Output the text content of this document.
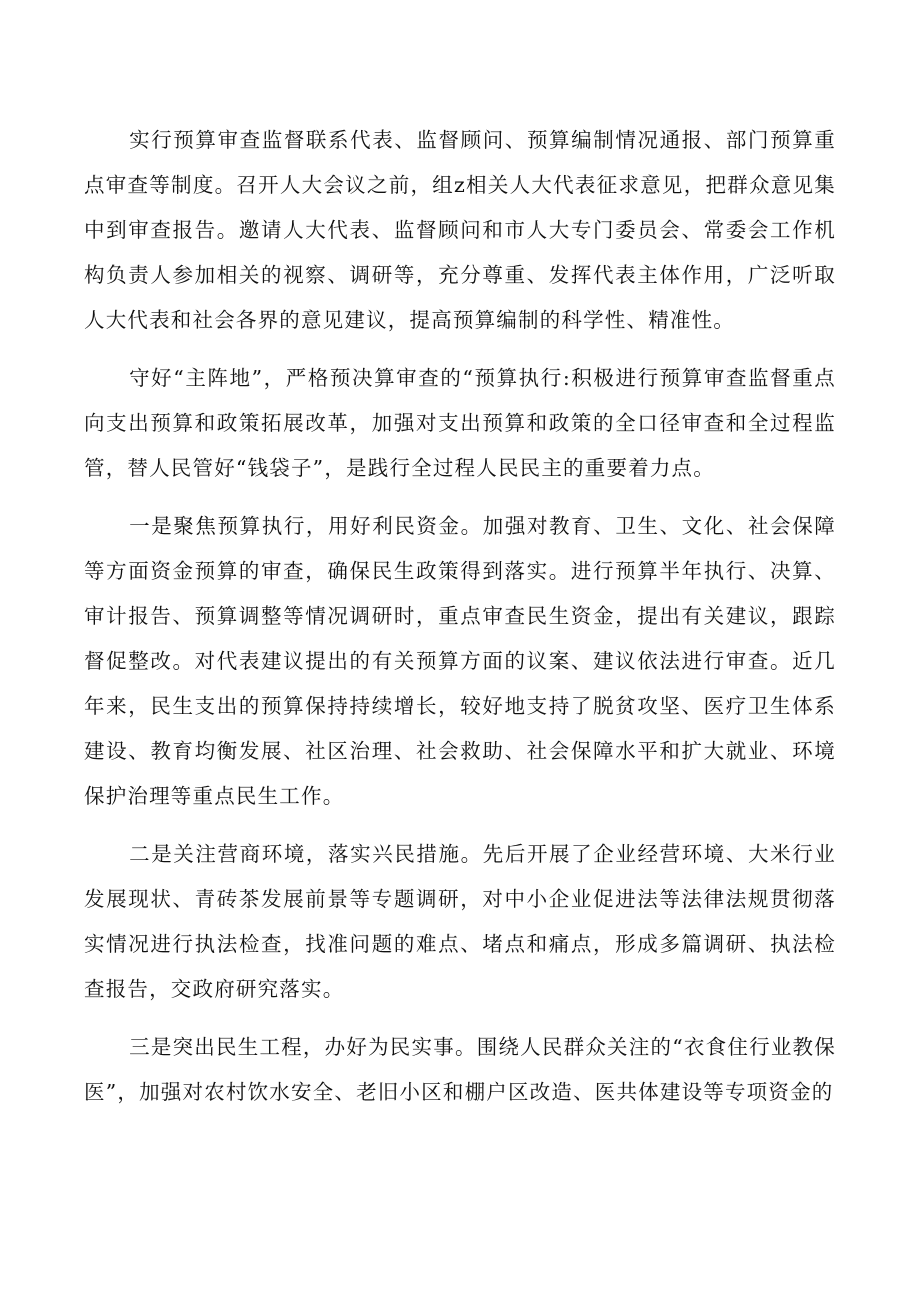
实行预算审查监督联系代表、监督顾问、预算编制情况通报、部门预算重点审查等制度。召开人大会议之前，组z相关人大代表征求意见，把群众意见集中到审查报告。邀请人大代表、监督顾问和市人大专门委员会、常委会工作机构负责人参加相关的视察、调研等，充分尊重、发挥代表主体作用，广泛听取人大代表和社会各界的意见建议，提高预算编制的科学性、精准性。

守好“主阵地”，严格预决算审查的“预算执行:积极进行预算审查监督重点向支出预算和政策拓展改革，加强对支出预算和政策的全口径审查和全过程监管，替人民管好“钱袋子”，是践行全过程人民民主的重要着力点。

一是聚焦预算执行，用好利民资金。加强对教育、卫生、文化、社会保障等方面资金预算的审查，确保民生政策得到落实。进行预算半年执行、决算、审计报告、预算调整等情况调研时，重点审查民生资金，提出有关建议，跟踪督促整改。对代表建议提出的有关预算方面的议案、建议依法进行审查。近几年来，民生支出的预算保持持续增长，较好地支持了脱贫攻坚、医疗卫生体系建设、教育均衡发展、社区治理、社会救助、社会保障水平和扩大就业、环境保护治理等重点民生工作。

二是关注营商环境，落实兴民措施。先后开展了企业经营环境、大米行业发展现状、青砖茶发展前景等专题调研，对中小企业促进法等法律法规贯彻落实情况进行执法检查，找准问题的难点、堵点和痛点，形成多篇调研、执法检查报告，交政府研究落实。

三是突出民生工程，办好为民实事。围绕人民群众关注的“衣食住行业教保医”，加强对农村饮水安全、老旧小区和棚户区改造、医共体建设等专项资金的
